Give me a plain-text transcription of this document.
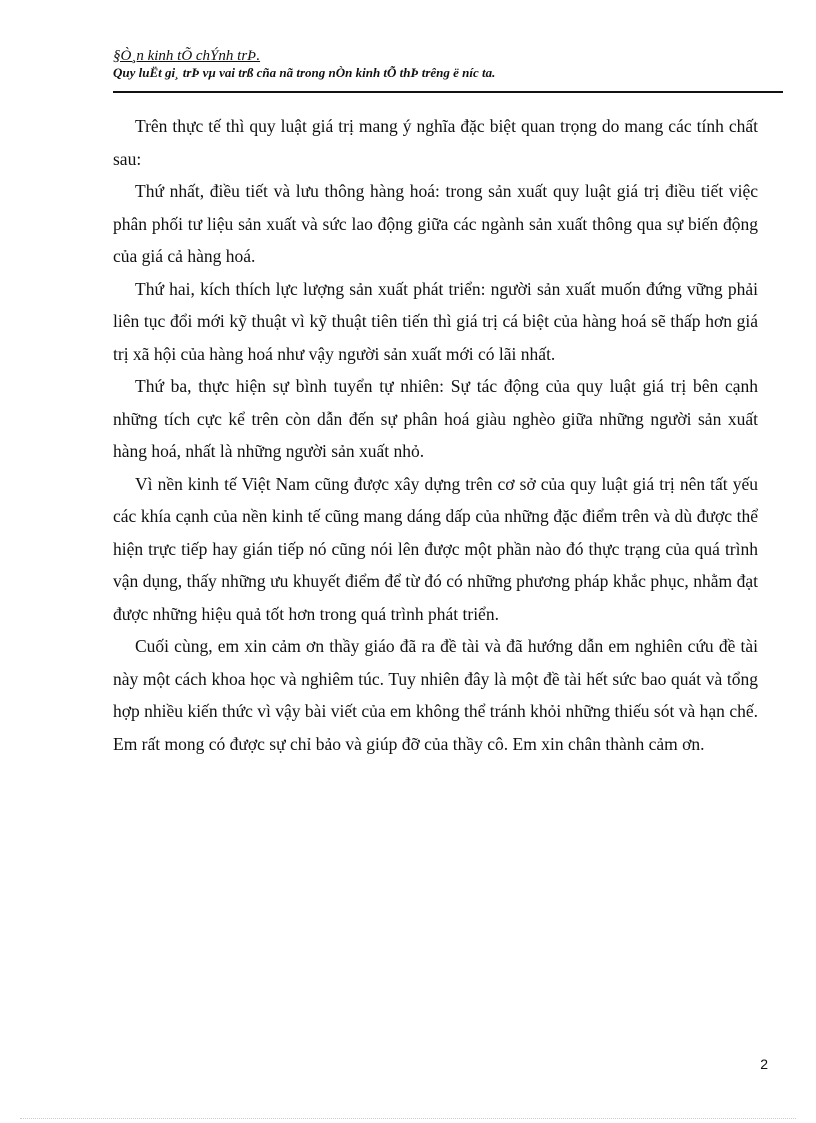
§Ò¸n kinh tÕ chÝnh trÞ.
Quy luËt gi¸ trÞ vµ vai trß cña nã trong nÒn kinh tÕ thÞ trêng ë níc ta.

Trên thực tế thì quy luật giá trị mang ý nghĩa đặc biệt quan trọng do mang các tính chất sau:

Thứ nhất, điều tiết và lưu thông hàng hoá: trong sản xuất quy luật giá trị điều tiết việc phân phối tư liệu sản xuất và sức lao động giữa các ngành sản xuất thông qua sự biến động của giá cả hàng hoá.

Thứ hai, kích thích lực lượng sản xuất phát triển: người sản xuất muốn đứng vững phải liên tục đổi mới kỹ thuật vì kỹ thuật tiên tiến thì giá trị cá biệt của hàng hoá sẽ thấp hơn giá trị xã hội của hàng hoá như vậy người sản xuất mới có lãi nhất.

Thứ ba, thực hiện sự bình tuyển tự nhiên: Sự tác động của quy luật giá trị bên cạnh những tích cực kể trên còn dẫn đến sự phân hoá giàu nghèo giữa những người sản xuất hàng hoá, nhất là những người sản xuất nhỏ.

Vì nền kinh tế Việt Nam cũng được xây dựng trên cơ sở của quy luật giá trị nên tất yếu các khía cạnh của nền kinh tế cũng mang dáng dấp của những đặc điểm trên và dù được thể hiện trực tiếp hay gián tiếp nó cũng nói lên được một phần nào đó thực trạng của quá trình vận dụng, thấy những ưu khuyết điểm để từ đó có những phương pháp khắc phục, nhằm đạt được những hiệu quả tốt hơn trong quá trình phát triển.

Cuối cùng, em xin cảm ơn thầy giáo đã ra đề tài và đã hướng dẫn em nghiên cứu đề tài này một cách khoa học và nghiêm túc. Tuy nhiên đây là một đề tài hết sức bao quát và tổng hợp nhiều kiến thức vì vậy bài viết của em không thể tránh khỏi những thiếu sót và hạn chế. Em rất mong có được sự chỉ bảo và giúp đỡ của thầy cô. Em xin chân thành cảm ơn.

2
